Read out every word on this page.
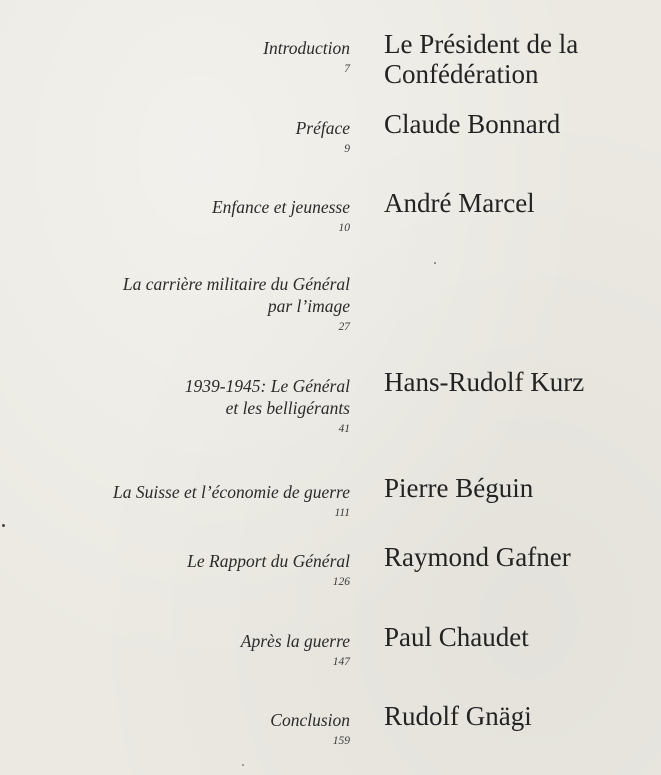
Introduction
7
Le Président de la
Confédération
Préface
9
Claude Bonnard
Enfance et jeunesse
10
André Marcel
La carrière militaire du Général
par l’image
27
1939-1945: Le Général
et les belligérants
41
Hans-Rudolf Kurz
La Suisse et l’économie de guerre
111
Pierre Béguin
Le Rapport du Général
126
Raymond Gafner
Après la guerre
147
Paul Chaudet
Conclusion
159
Rudolf Gnägi
